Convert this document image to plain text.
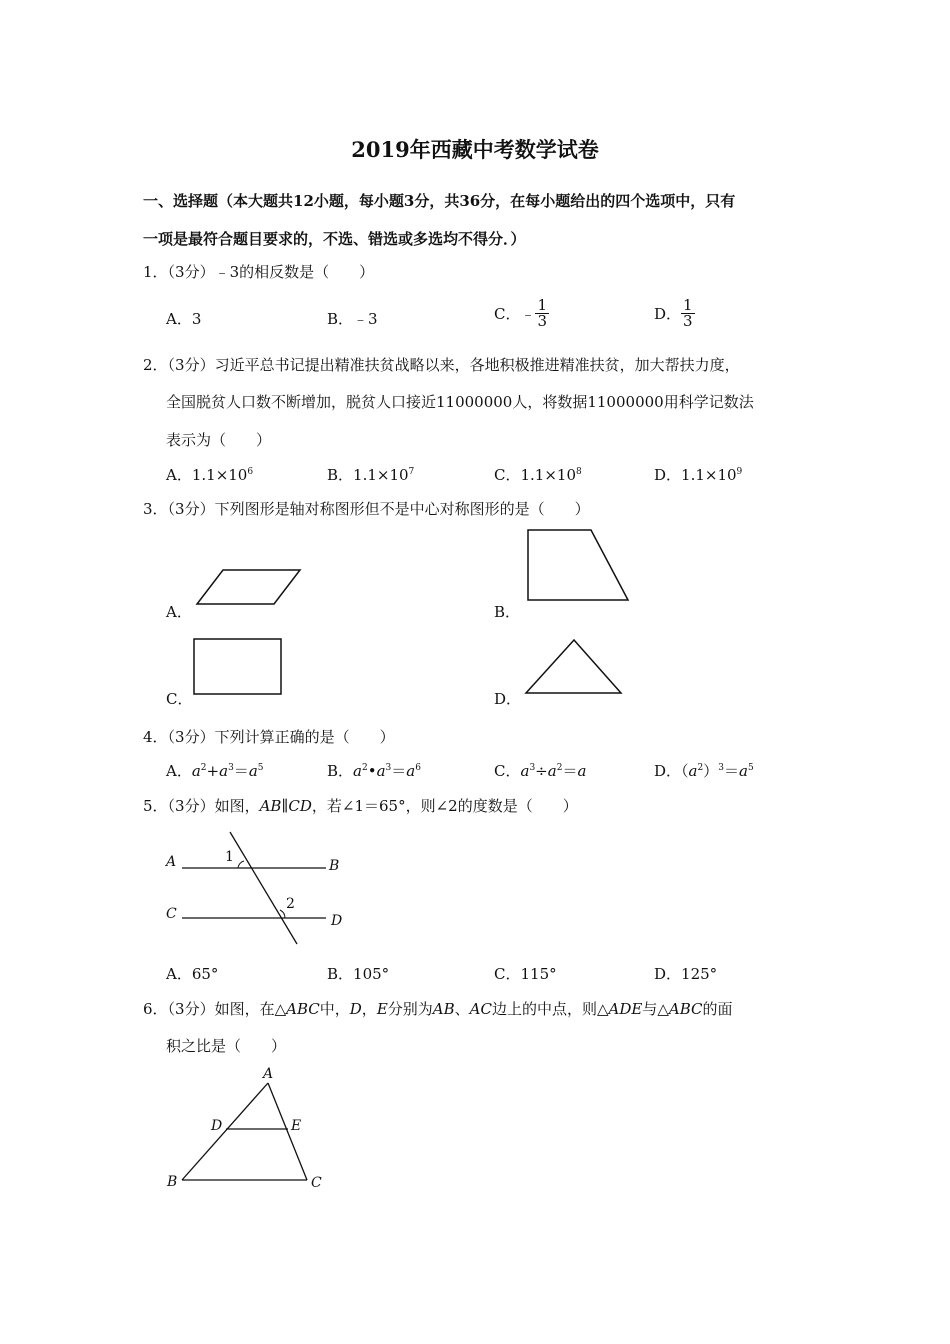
2019年西藏中考数学试卷
一、选择题（本大题共12小题，每小题3分，共36分，在每小题给出的四个选项中，只有
一项是最符合题目要求的，不选、错选或多选均不得分．）
1．（3分）﹣3的相反数是（　　）
A．3	B．﹣3	C．﹣ $\frac{1}{3}$	D． $\frac{1}{3}$
2．（3分）习近平总书记提出精准扶贫战略以来，各地积极推进精准扶贫，加大帮扶力度，
全国脱贫人口数不断增加，脱贫人口接近11000000人，将数据11000000用科学记数法
表示为（　　）
A．$1.1\times 10^6$	B．$1.1\times 10^7$	C．$1.1\times 10^8$	D．$1.1\times 10^9$
3．（3分）下列图形是轴对称图形但不是中心对称图形的是（　　）
A．	B．
C．	D．
4．（3分）下列计算正确的是（　　）
A．$a^2+a^3=a^5$	B．$a^2•a^3=a^6$	C．$a^3\div a^2=a$	D．$(a^2)^3=a^5$
5．（3分）如图，AB∥CD，若∠1＝65°，则∠2的度数是（　　）
A	B
C	D
1
2
A．65°	B．105°	C．115°	D．125°
6．（3分）如图，在△ABC中，D，E分别为AB、AC边上的中点，则△ADE与△ABC的面
积之比是（　　）
A
D	E
B	C
